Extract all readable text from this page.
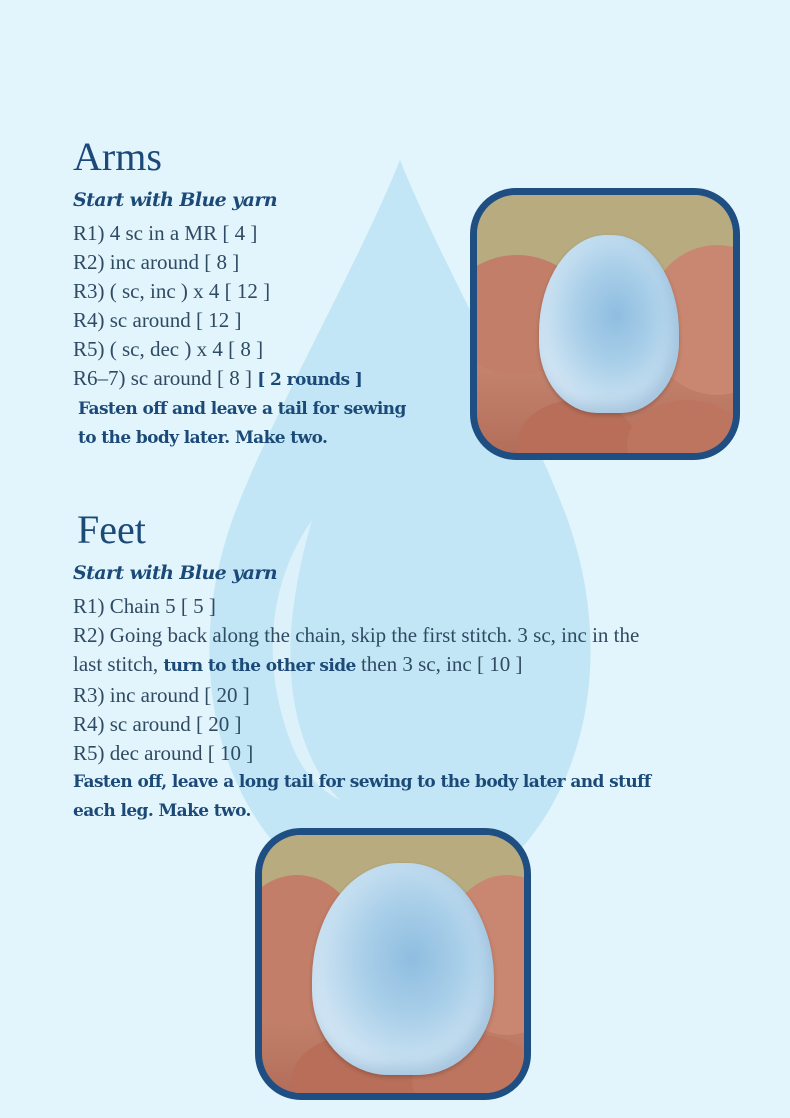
Arms
Start with Blue yarn
R1) 4 sc in a MR [ 4 ]
R2) inc around [ 8 ]
R3) ( sc, inc ) x 4 [ 12 ]
R4) sc around [ 12 ]
R5) ( sc, dec ) x 4 [ 8 ]
R6–7) sc around [ 8 ] [ 2 rounds ]
Fasten off and leave a tail for sewing
to the body later. Make two.
Feet
Start with Blue yarn
R1) Chain 5 [ 5 ]
R2) Going back along the chain, skip the first stitch. 3 sc, inc in the
last stitch, turn to the other side then 3 sc, inc [ 10 ]
R3) inc around [ 20 ]
R4) sc around [ 20 ]
R5) dec around [ 10 ]
Fasten off, leave a long tail for sewing to the body later and stuff
each leg. Make two.
